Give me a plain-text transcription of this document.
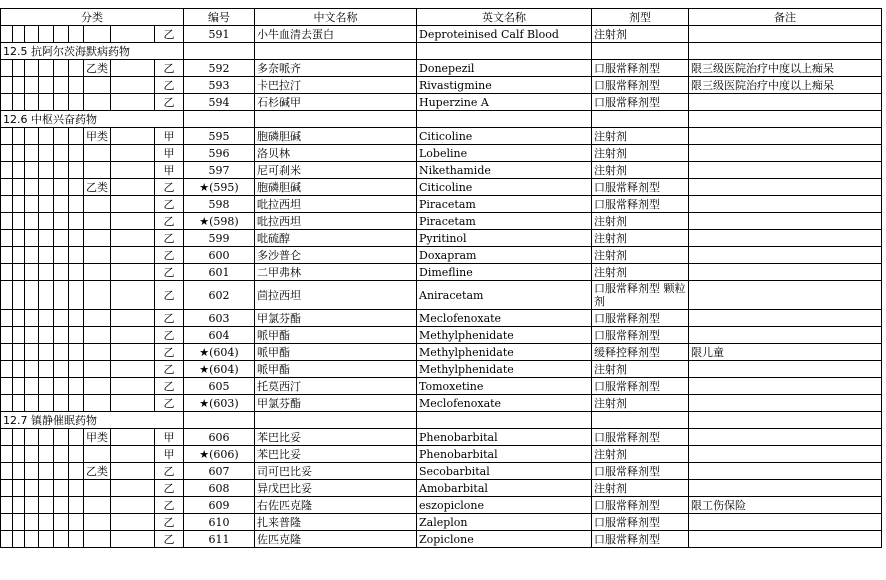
分类									编号	中文名称	英文名称	剂型	备注
								乙	591	小牛血清去蛋白	Deproteinised Calf Blood	注射剂	
12.5 抗阿尔茨海默病药物													
						乙类		乙	592	多奈哌齐	Donepezil	口服常释剂型	限三级医院治疗中度以上痴呆
								乙	593	卡巴拉汀	Rivastigmine	口服常释剂型	限三级医院治疗中度以上痴呆
								乙	594	石杉碱甲	Huperzine A	口服常释剂型	
12.6 中枢兴奋药物													
						甲类		甲	595	胞磷胆碱	Citicoline	注射剂	
								甲	596	洛贝林	Lobeline	注射剂	
								甲	597	尼可刹米	Nikethamide	注射剂	
						乙类		乙	★(595)	胞磷胆碱	Citicoline	口服常释剂型	
								乙	598	吡拉西坦	Piracetam	口服常释剂型	
								乙	★(598)	吡拉西坦	Piracetam	注射剂	
								乙	599	吡硫醇	Pyritinol	注射剂	
								乙	600	多沙普仑	Doxapram	注射剂	
								乙	601	二甲弗林	Dimefline	注射剂	
								乙	602	茴拉西坦	Aniracetam	口服常释剂型 颗粒剂	
								乙	603	甲氯芬酯	Meclofenoxate	口服常释剂型	
								乙	604	哌甲酯	Methylphenidate	口服常释剂型	
								乙	★(604)	哌甲酯	Methylphenidate	缓释控释剂型	限儿童
								乙	★(604)	哌甲酯	Methylphenidate	注射剂	
								乙	605	托莫西汀	Tomoxetine	口服常释剂型	
								乙	★(603)	甲氯芬酯	Meclofenoxate	注射剂	
12.7 镇静催眠药物													
						甲类		甲	606	苯巴比妥	Phenobarbital	口服常释剂型	
								甲	★(606)	苯巴比妥	Phenobarbital	注射剂	
						乙类		乙	607	司可巴比妥	Secobarbital	口服常释剂型	
								乙	608	异戊巴比妥	Amobarbital	注射剂	
								乙	609	右佐匹克隆	eszopiclone	口服常释剂型	限工伤保险
								乙	610	扎来普隆	Zaleplon	口服常释剂型	
								乙	611	佐匹克隆	Zopiclone	口服常释剂型	
